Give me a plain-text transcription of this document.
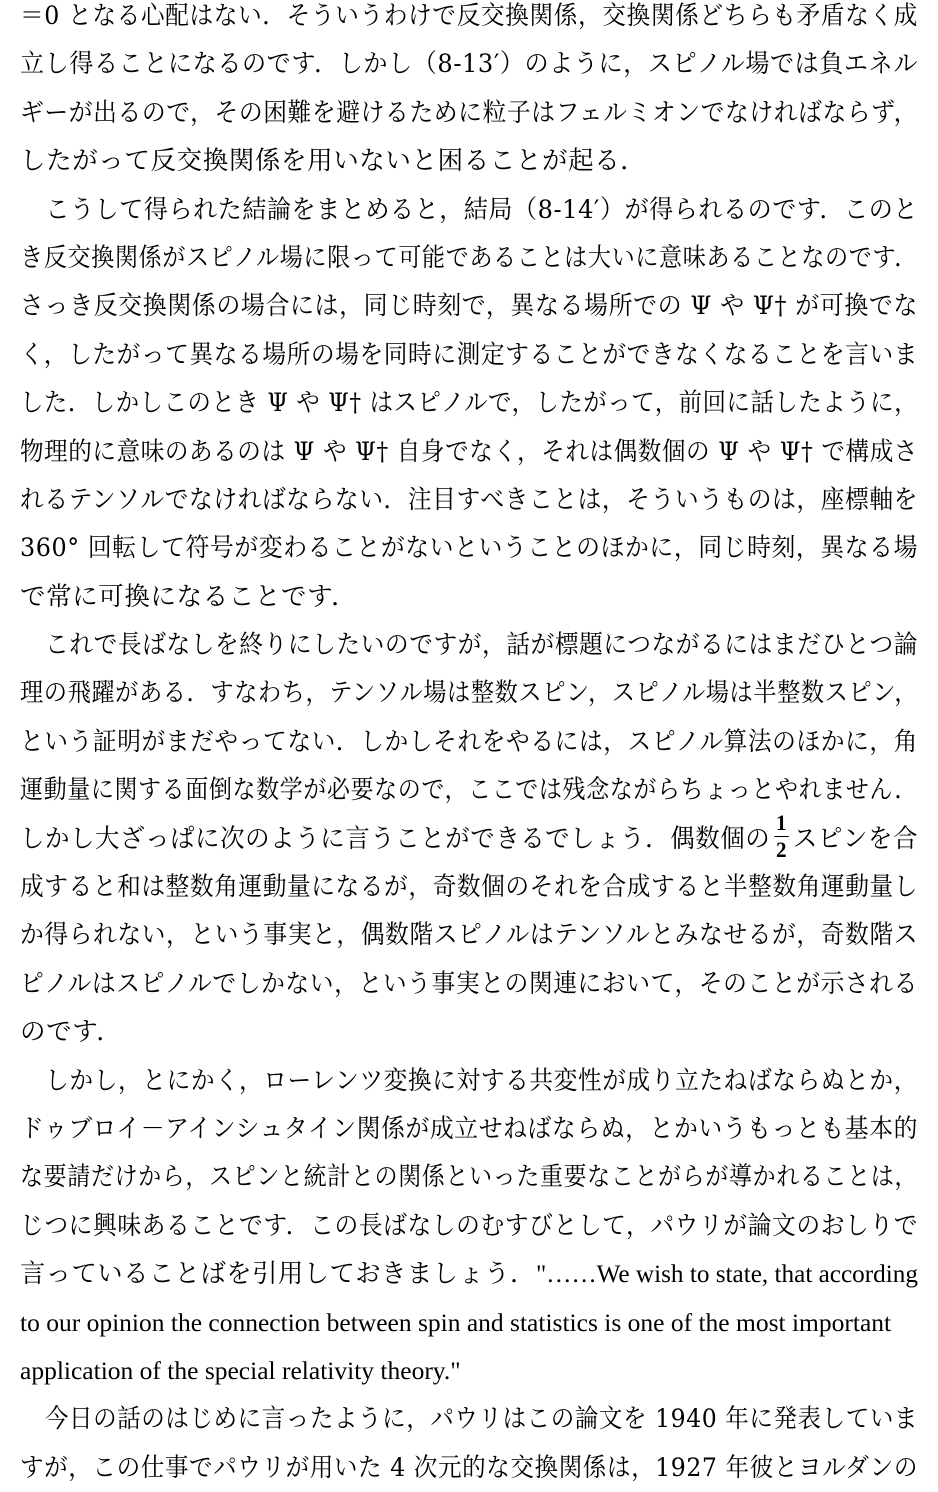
＝0 となる心配はない．そういうわけで反交換関係，交換関係どちらも矛盾なく成
立し得ることになるのです．しかし（8-13′）のように，スピノル場では負エネル
ギーが出るので，その困難を避けるために粒子はフェルミオンでなければならず，
したがって反交換関係を用いないと困ることが起る．
こうして得られた結論をまとめると，結局（8-14′）が得られるのです．このと
き反交換関係がスピノル場に限って可能であることは大いに意味あることなのです．
さっき反交換関係の場合には，同じ時刻で，異なる場所での Ψ や Ψ† が可換でな
く，したがって異なる場所の場を同時に測定することができなくなることを言いま
した．しかしこのとき Ψ や Ψ† はスピノルで，したがって，前回に話したように，
物理的に意味のあるのは Ψ や Ψ† 自身でなく，それは偶数個の Ψ や Ψ† で構成さ
れるテンソルでなければならない．注目すべきことは，そういうものは，座標軸を
360° 回転して符号が変わることがないということのほかに，同じ時刻，異なる場
で常に可換になることです．
これで長ばなしを終りにしたいのですが，話が標題につながるにはまだひとつ論
理の飛躍がある．すなわち，テンソル場は整数スピン，スピノル場は半整数スピン，
という証明がまだやってない．しかしそれをやるには，スピノル算法のほかに，角
運動量に関する面倒な数学が必要なので，ここでは残念ながらちょっとやれません．
しかし大ざっぱに次のように言うことができるでしょう．偶数個の $\frac{1}{2}$ スピンを合
成すると和は整数角運動量になるが，奇数個のそれを合成すると半整数角運動量し
か得られない，という事実と，偶数階スピノルはテンソルとみなせるが，奇数階ス
ピノルはスピノルでしかない，という事実との関連において，そのことが示される
のです．
しかし，とにかく，ローレンツ変換に対する共変性が成り立たねばならぬとか，
ドゥブロイ－アインシュタイン関係が成立せねばならぬ，とかいうもっとも基本的
な要請だけから，スピンと統計との関係といった重要なことがらが導かれることは，
じつに興味あることです．この長ばなしのむすびとして，パウリが論文のおしりで
言っていることばを引用しておきましょう．"……We wish to state, that according
to our opinion the connection between spin and statistics is one of the most important
application of the special relativity theory."
今日の話のはじめに言ったように，パウリはこの論文を 1940 年に発表していま
すが，この仕事でパウリが用いた 4 次元的な交換関係は，1927 年彼とヨルダンの
